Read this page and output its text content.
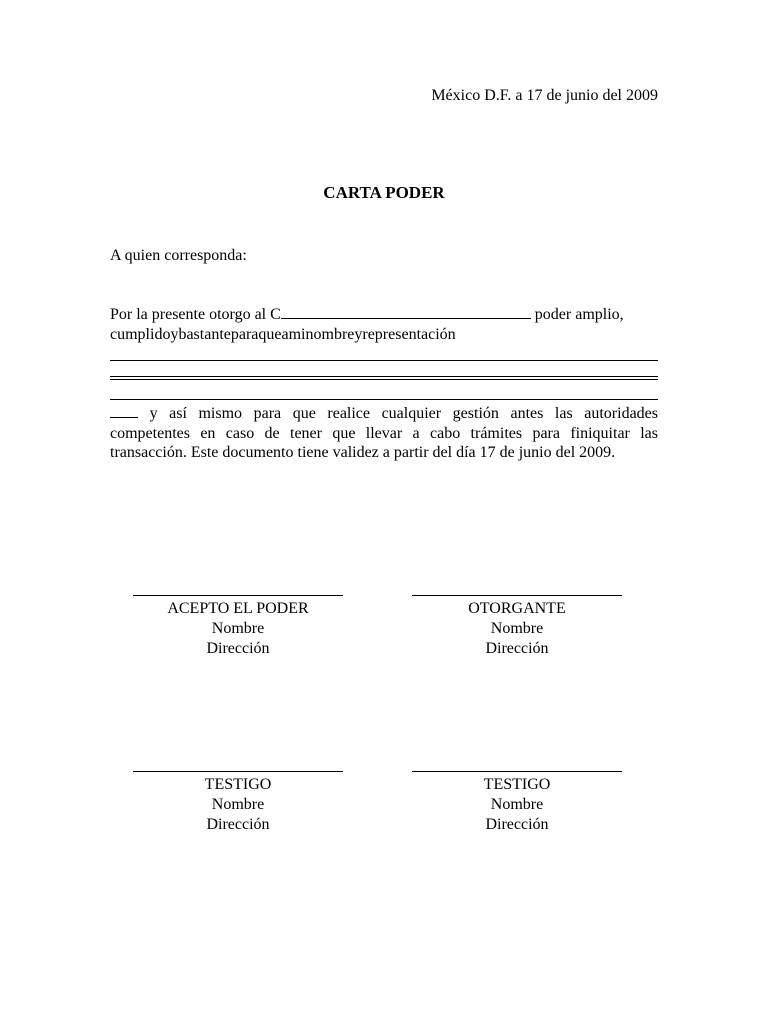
México D.F. a 17 de junio del 2009
CARTA PODER
A quien corresponda:
Por la presente otorgo al C	poder amplio,
cumplidoybastanteparaqueaminombreyrepresentación
y así mismo para que realice cualquier gestión antes las autoridades competentes en caso de tener que llevar a cabo trámites para finiquitar las transacción. Este documento tiene validez a partir del día 17 de junio del 2009.
ACEPTO EL PODER
Nombre
Dirección
OTORGANTE
Nombre
Dirección
TESTIGO
Nombre
Dirección
TESTIGO
Nombre
Dirección
